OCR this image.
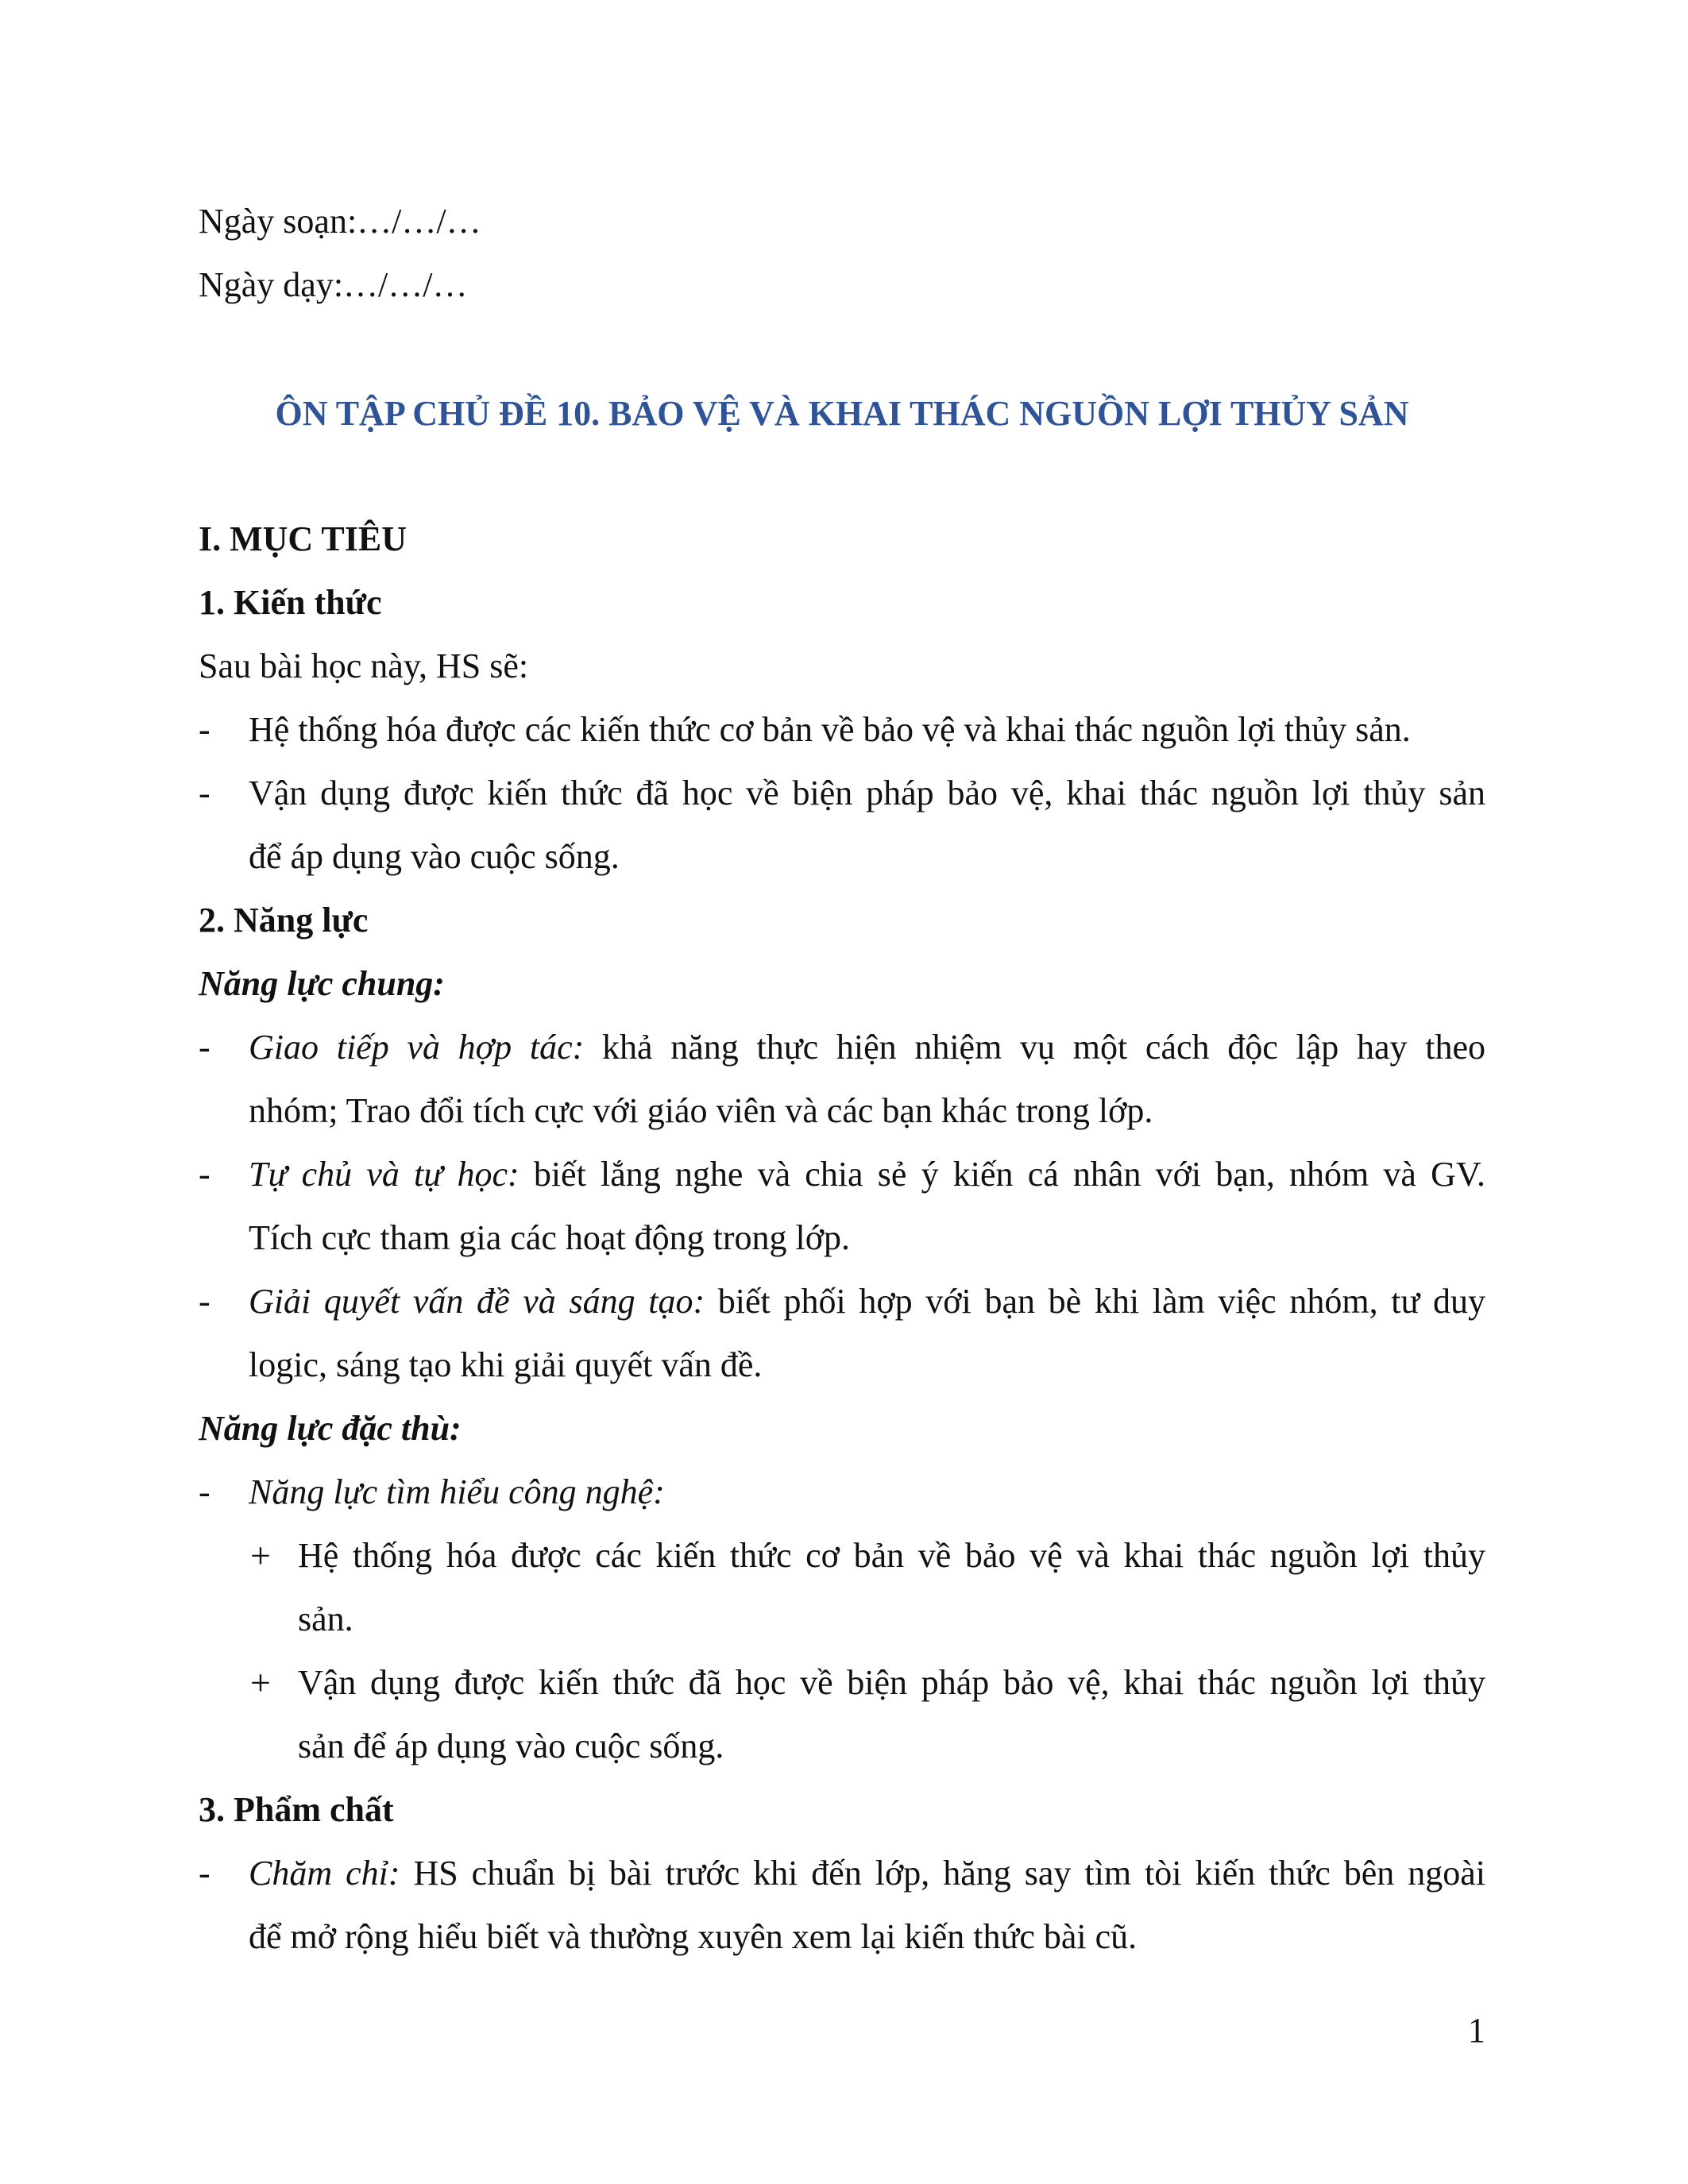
Ngày soạn:…/…/…
Ngày dạy:…/…/…
ÔN TẬP CHỦ ĐỀ 10. BẢO VỆ VÀ KHAI THÁC NGUỒN LỢI THỦY SẢN
I. MỤC TIÊU
1. Kiến thức
Sau bài học này, HS sẽ:
- Hệ thống hóa được các kiến thức cơ bản về bảo vệ và khai thác nguồn lợi thủy sản.
- Vận dụng được kiến thức đã học về biện pháp bảo vệ, khai thác nguồn lợi thủy sản
để áp dụng vào cuộc sống.
2. Năng lực
Năng lực chung:
- Giao tiếp và hợp tác: khả năng thực hiện nhiệm vụ một cách độc lập hay theo
nhóm; Trao đổi tích cực với giáo viên và các bạn khác trong lớp.
- Tự chủ và tự học: biết lắng nghe và chia sẻ ý kiến cá nhân với bạn, nhóm và GV.
Tích cực tham gia các hoạt động trong lớp.
- Giải quyết vấn đề và sáng tạo: biết phối hợp với bạn bè khi làm việc nhóm, tư duy
logic, sáng tạo khi giải quyết vấn đề.
Năng lực đặc thù:
- Năng lực tìm hiểu công nghệ:
+ Hệ thống hóa được các kiến thức cơ bản về bảo vệ và khai thác nguồn lợi thủy
sản.
+ Vận dụng được kiến thức đã học về biện pháp bảo vệ, khai thác nguồn lợi thủy
sản để áp dụng vào cuộc sống.
3. Phẩm chất
- Chăm chỉ: HS chuẩn bị bài trước khi đến lớp, hăng say tìm tòi kiến thức bên ngoài
để mở rộng hiểu biết và thường xuyên xem lại kiến thức bài cũ.
1
